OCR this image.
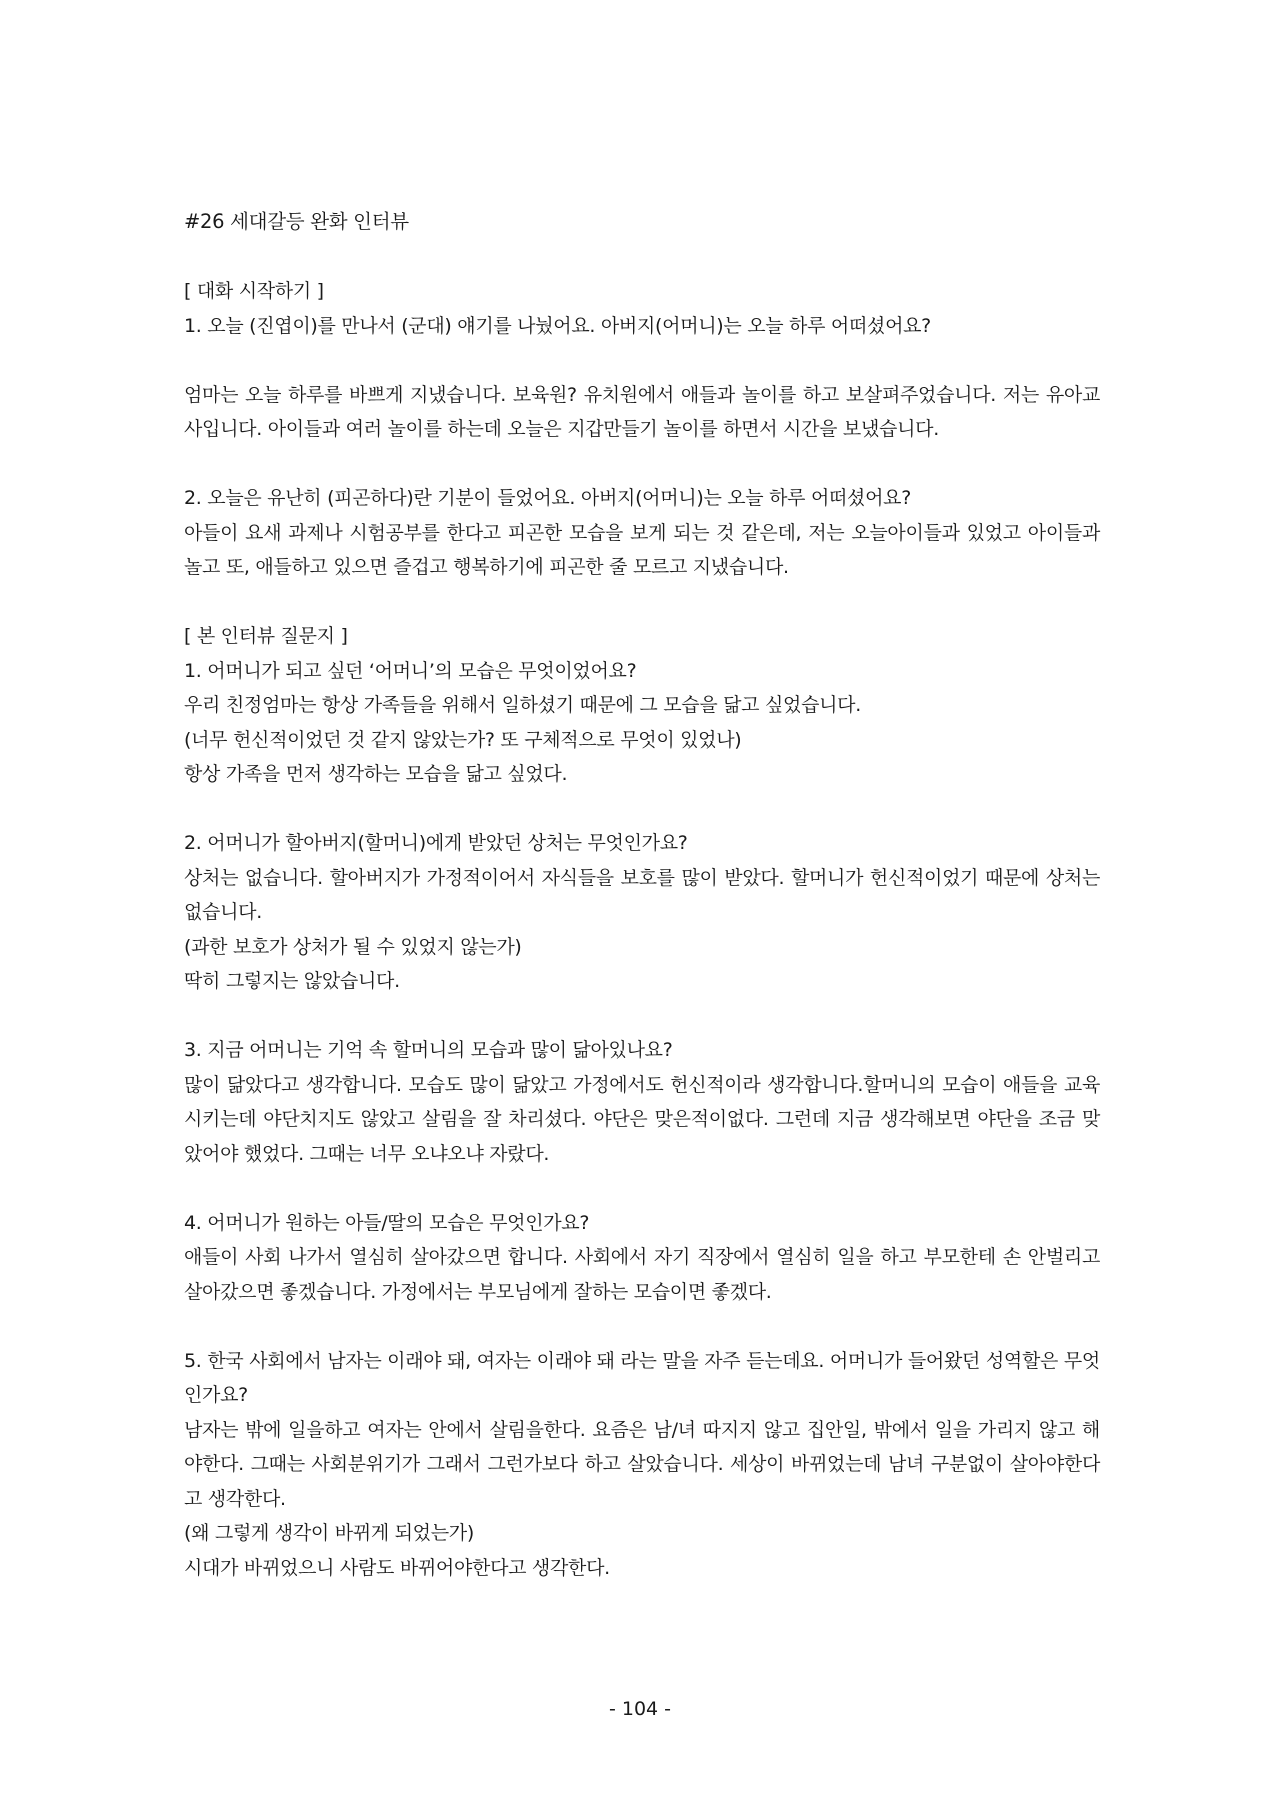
#26 세대갈등 완화 인터뷰

[ 대화 시작하기 ]

1. 오늘 (진엽이)를 만나서 (군대) 얘기를 나눴어요. 아버지(어머니)는 오늘 하루 어떠셨어요?

엄마는 오늘 하루를 바쁘게 지냈습니다. 보육원? 유치원에서 애들과 놀이를 하고 보살펴주었습니다. 저는 유아교사입니다. 아이들과 여러 놀이를 하는데 오늘은 지갑만들기 놀이를 하면서 시간을 보냈습니다.

2. 오늘은 유난히 (피곤하다)란 기분이 들었어요. 아버지(어머니)는 오늘 하루 어떠셨어요?

아들이 요새 과제나 시험공부를 한다고 피곤한 모습을 보게 되는 것 같은데, 저는 오늘아이들과 있었고 아이들과 놀고 또, 애들하고 있으면 즐겁고 행복하기에 피곤한 줄 모르고 지냈습니다.

[ 본 인터뷰 질문지 ]

1. 어머니가 되고 싶던 ‘어머니’의 모습은 무엇이었어요?

우리 친정엄마는 항상 가족들을 위해서 일하셨기 때문에 그 모습을 닮고 싶었습니다.

(너무 헌신적이었던 것 같지 않았는가? 또 구체적으로 무엇이 있었나)

항상 가족을 먼저 생각하는 모습을 닮고 싶었다.

2. 어머니가 할아버지(할머니)에게 받았던 상처는 무엇인가요?

상처는 없습니다. 할아버지가 가정적이어서 자식들을 보호를 많이 받았다. 할머니가 헌신적이었기 때문에 상처는 없습니다.

(과한 보호가 상처가 될 수 있었지 않는가)

딱히 그렇지는 않았습니다.

3. 지금 어머니는 기억 속 할머니의 모습과 많이 닮아있나요?

많이 닮았다고 생각합니다. 모습도 많이 닮았고 가정에서도 헌신적이라 생각합니다.할머니의 모습이 애들을 교육시키는데 야단치지도 않았고 살림을 잘 차리셨다. 야단은 맞은적이없다. 그런데 지금 생각해보면 야단을 조금 맞았어야 했었다. 그때는 너무 오냐오냐 자랐다.

4. 어머니가 원하는 아들/딸의 모습은 무엇인가요?

애들이 사회 나가서 열심히 살아갔으면 합니다. 사회에서 자기 직장에서 열심히 일을 하고 부모한테 손 안벌리고 살아갔으면 좋겠습니다. 가정에서는 부모님에게 잘하는 모습이면 좋겠다.

5. 한국 사회에서 남자는 이래야 돼, 여자는 이래야 돼 라는 말을 자주 듣는데요. 어머니가 들어왔던 성역할은 무엇인가요?

남자는 밖에 일을하고 여자는 안에서 살림을한다. 요즘은 남/녀 따지지 않고 집안일, 밖에서 일을 가리지 않고 해야한다. 그때는 사회분위기가 그래서 그런가보다 하고 살았습니다. 세상이 바뀌었는데 남녀 구분없이 살아야한다고 생각한다.

(왜 그렇게 생각이 바뀌게 되었는가)

시대가 바뀌었으니 사람도 바뀌어야한다고 생각한다.

- 104 -
